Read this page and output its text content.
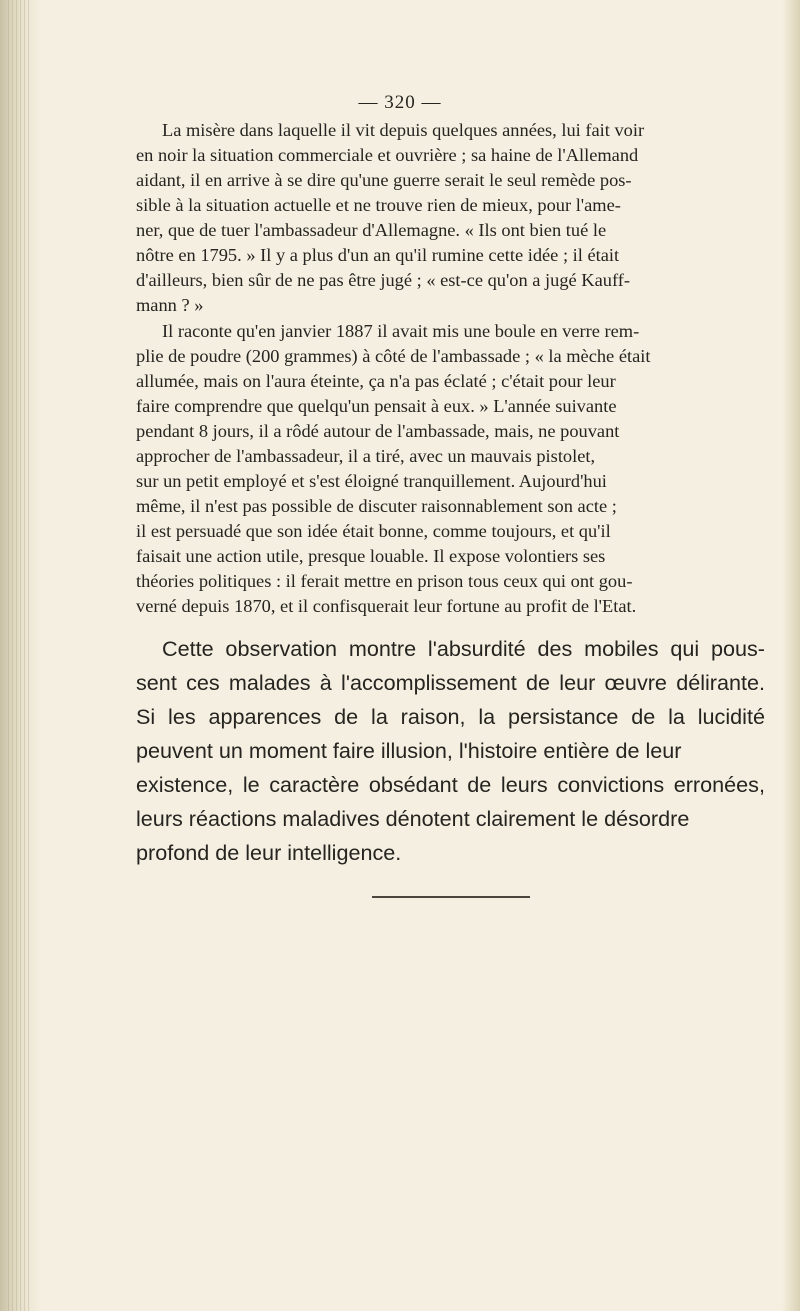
— 320 —
La misère dans laquelle il vit depuis quelques années, lui fait voir
en noir la situation commerciale et ouvrière ; sa haine de l'Allemand
aidant, il en arrive à se dire qu'une guerre serait le seul remède pos-
sible à la situation actuelle et ne trouve rien de mieux, pour l'ame-
ner, que de tuer l'ambassadeur d'Allemagne. « Ils ont bien tué le
nôtre en 1795. » Il y a plus d'un an qu'il rumine cette idée ; il était
d'ailleurs, bien sûr de ne pas être jugé ; « est-ce qu'on a jugé Kauff-
mann ? »
Il raconte qu'en janvier 1887 il avait mis une boule en verre rem-
plie de poudre (200 grammes) à côté de l'ambassade ; « la mèche était
allumée, mais on l'aura éteinte, ça n'a pas éclaté ; c'était pour leur
faire comprendre que quelqu'un pensait à eux. » L'année suivante
pendant 8 jours, il a rôdé autour de l'ambassade, mais, ne pouvant
approcher de l'ambassadeur, il a tiré, avec un mauvais pistolet,
sur un petit employé et s'est éloigné tranquillement. Aujourd'hui
même, il n'est pas possible de discuter raisonnablement son acte ;
il est persuadé que son idée était bonne, comme toujours, et qu'il
faisait une action utile, presque louable. Il expose volontiers ses
théories politiques : il ferait mettre en prison tous ceux qui ont gou-
verné depuis 1870, et il confisquerait leur fortune au profit de l'Etat.
Cette observation montre l'absurdité des mobiles qui pous-
sent ces malades à l'accomplissement de leur œuvre délirante.
Si les apparences de la raison, la persistance de la lucidité
peuvent un moment faire illusion, l'histoire entière de leur
existence, le caractère obsédant de leurs convictions erronées,
leurs réactions maladives dénotent clairement le désordre
profond de leur intelligence.
